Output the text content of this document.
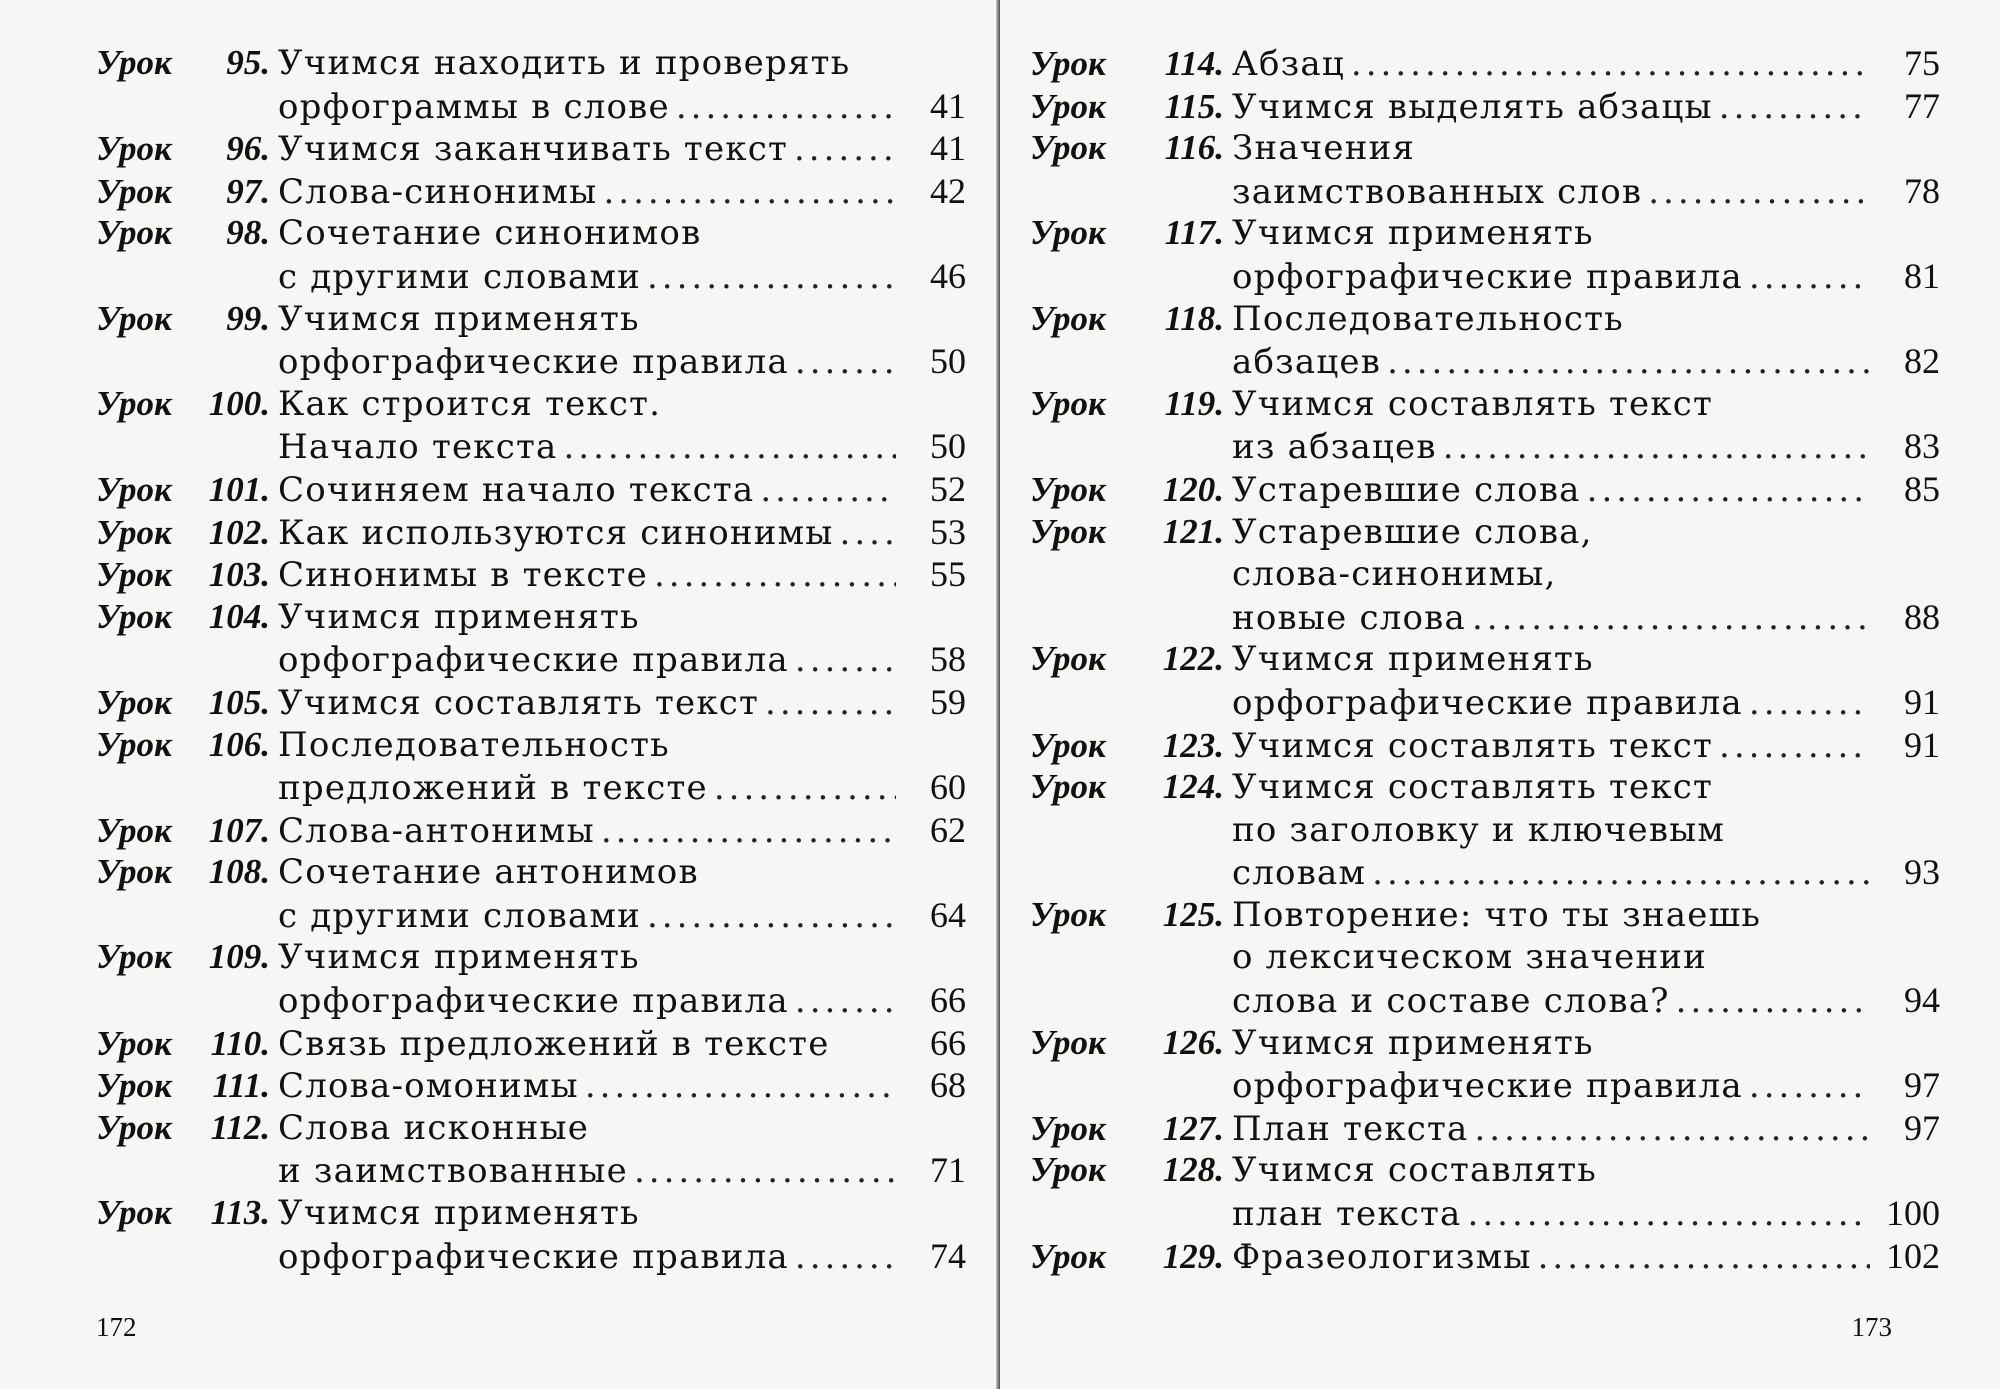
Урок	95. Учимся находить и проверять
орфограммы в слове .....	41
Урок	96. Учимся заканчивать текст .....	41
Урок	97. Слова-синонимы .....	42
Урок	98. Сочетание синонимов
с другими словами .....	46
Урок	99. Учимся применять
орфографические правила .....	50
Урок	100. Как строится текст.
Начало текста .....	50
Урок	101. Сочиняем начало текста .....	52
Урок	102. Как используются синонимы .....	53
Урок	103. Синонимы в тексте .....	55
Урок	104. Учимся применять
орфографические правила .....	58
Урок	105. Учимся составлять текст .....	59
Урок	106. Последовательность
предложений в тексте .....	60
Урок	107. Слова-антонимы .....	62
Урок	108. Сочетание антонимов
с другими словами .....	64
Урок	109. Учимся применять
орфографические правила .....	66
Урок	110. Связь предложений в тексте	66
Урок	111. Слова-омонимы .....	68
Урок	112. Слова исконные
и заимствованные .....	71
Урок	113. Учимся применять
орфографические правила .....	74
172
Урок	114. Абзац .....	75
Урок	115. Учимся выделять абзацы .....	77
Урок	116. Значения
заимствованных слов .....	78
Урок	117. Учимся применять
орфографические правила .....	81
Урок	118. Последовательность
абзацев .....	82
Урок	119. Учимся составлять текст
из абзацев .....	83
Урок	120. Устаревшие слова .....	85
Урок	121. Устаревшие слова,
слова-синонимы,
новые слова .....	88
Урок	122. Учимся применять
орфографические правила .....	91
Урок	123. Учимся составлять текст .....	91
Урок	124. Учимся составлять текст
по заголовку и ключевым
словам .....	93
Урок	125. Повторение: что ты знаешь
о лексическом значении
слова и составе слова? .....	94
Урок	126. Учимся применять
орфографические правила .....	97
Урок	127. План текста .....	97
Урок	128. Учимся составлять
план текста .....	100
Урок	129. Фразеологизмы .....	102
173
